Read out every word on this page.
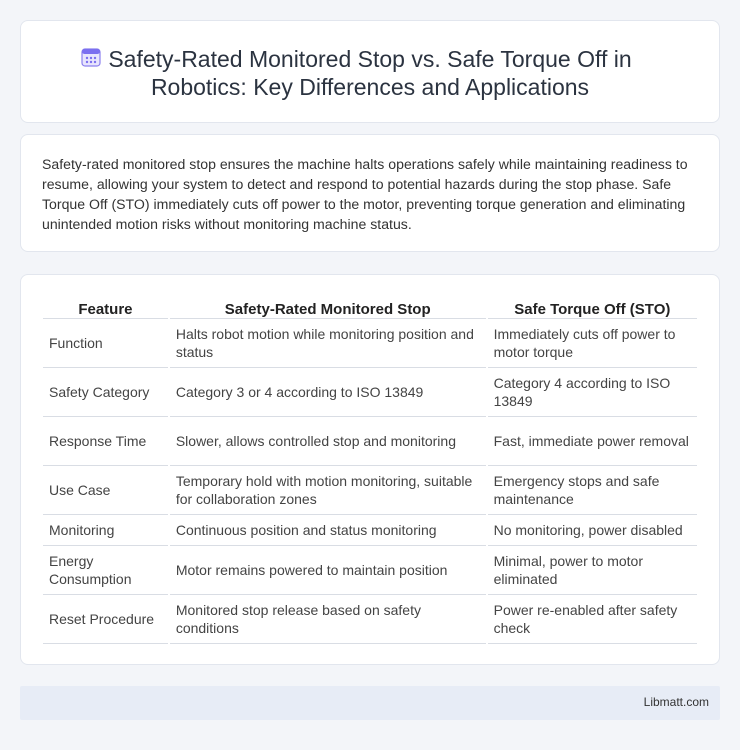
Safety-Rated Monitored Stop vs. Safe Torque Off in
Robotics: Key Differences and Applications

Safety-rated monitored stop ensures the machine halts operations safely while maintaining readiness to resume, allowing your system to detect and respond to potential hazards during the stop phase. Safe Torque Off (STO) immediately cuts off power to the motor, preventing torque generation and eliminating unintended motion risks without monitoring machine status.

Feature	Safety-Rated Monitored Stop	Safe Torque Off (STO)
Function	Halts robot motion while monitoring position and status	Immediately cuts off power to motor torque
Safety Category	Category 3 or 4 according to ISO 13849	Category 4 according to ISO 13849
Response Time	Slower, allows controlled stop and monitoring	Fast, immediate power removal
Use Case	Temporary hold with motion monitoring, suitable for collaboration zones	Emergency stops and safe maintenance
Monitoring	Continuous position and status monitoring	No monitoring, power disabled
Energy Consumption	Motor remains powered to maintain position	Minimal, power to motor eliminated
Reset Procedure	Monitored stop release based on safety conditions	Power re-enabled after safety check
Libmatt.com
